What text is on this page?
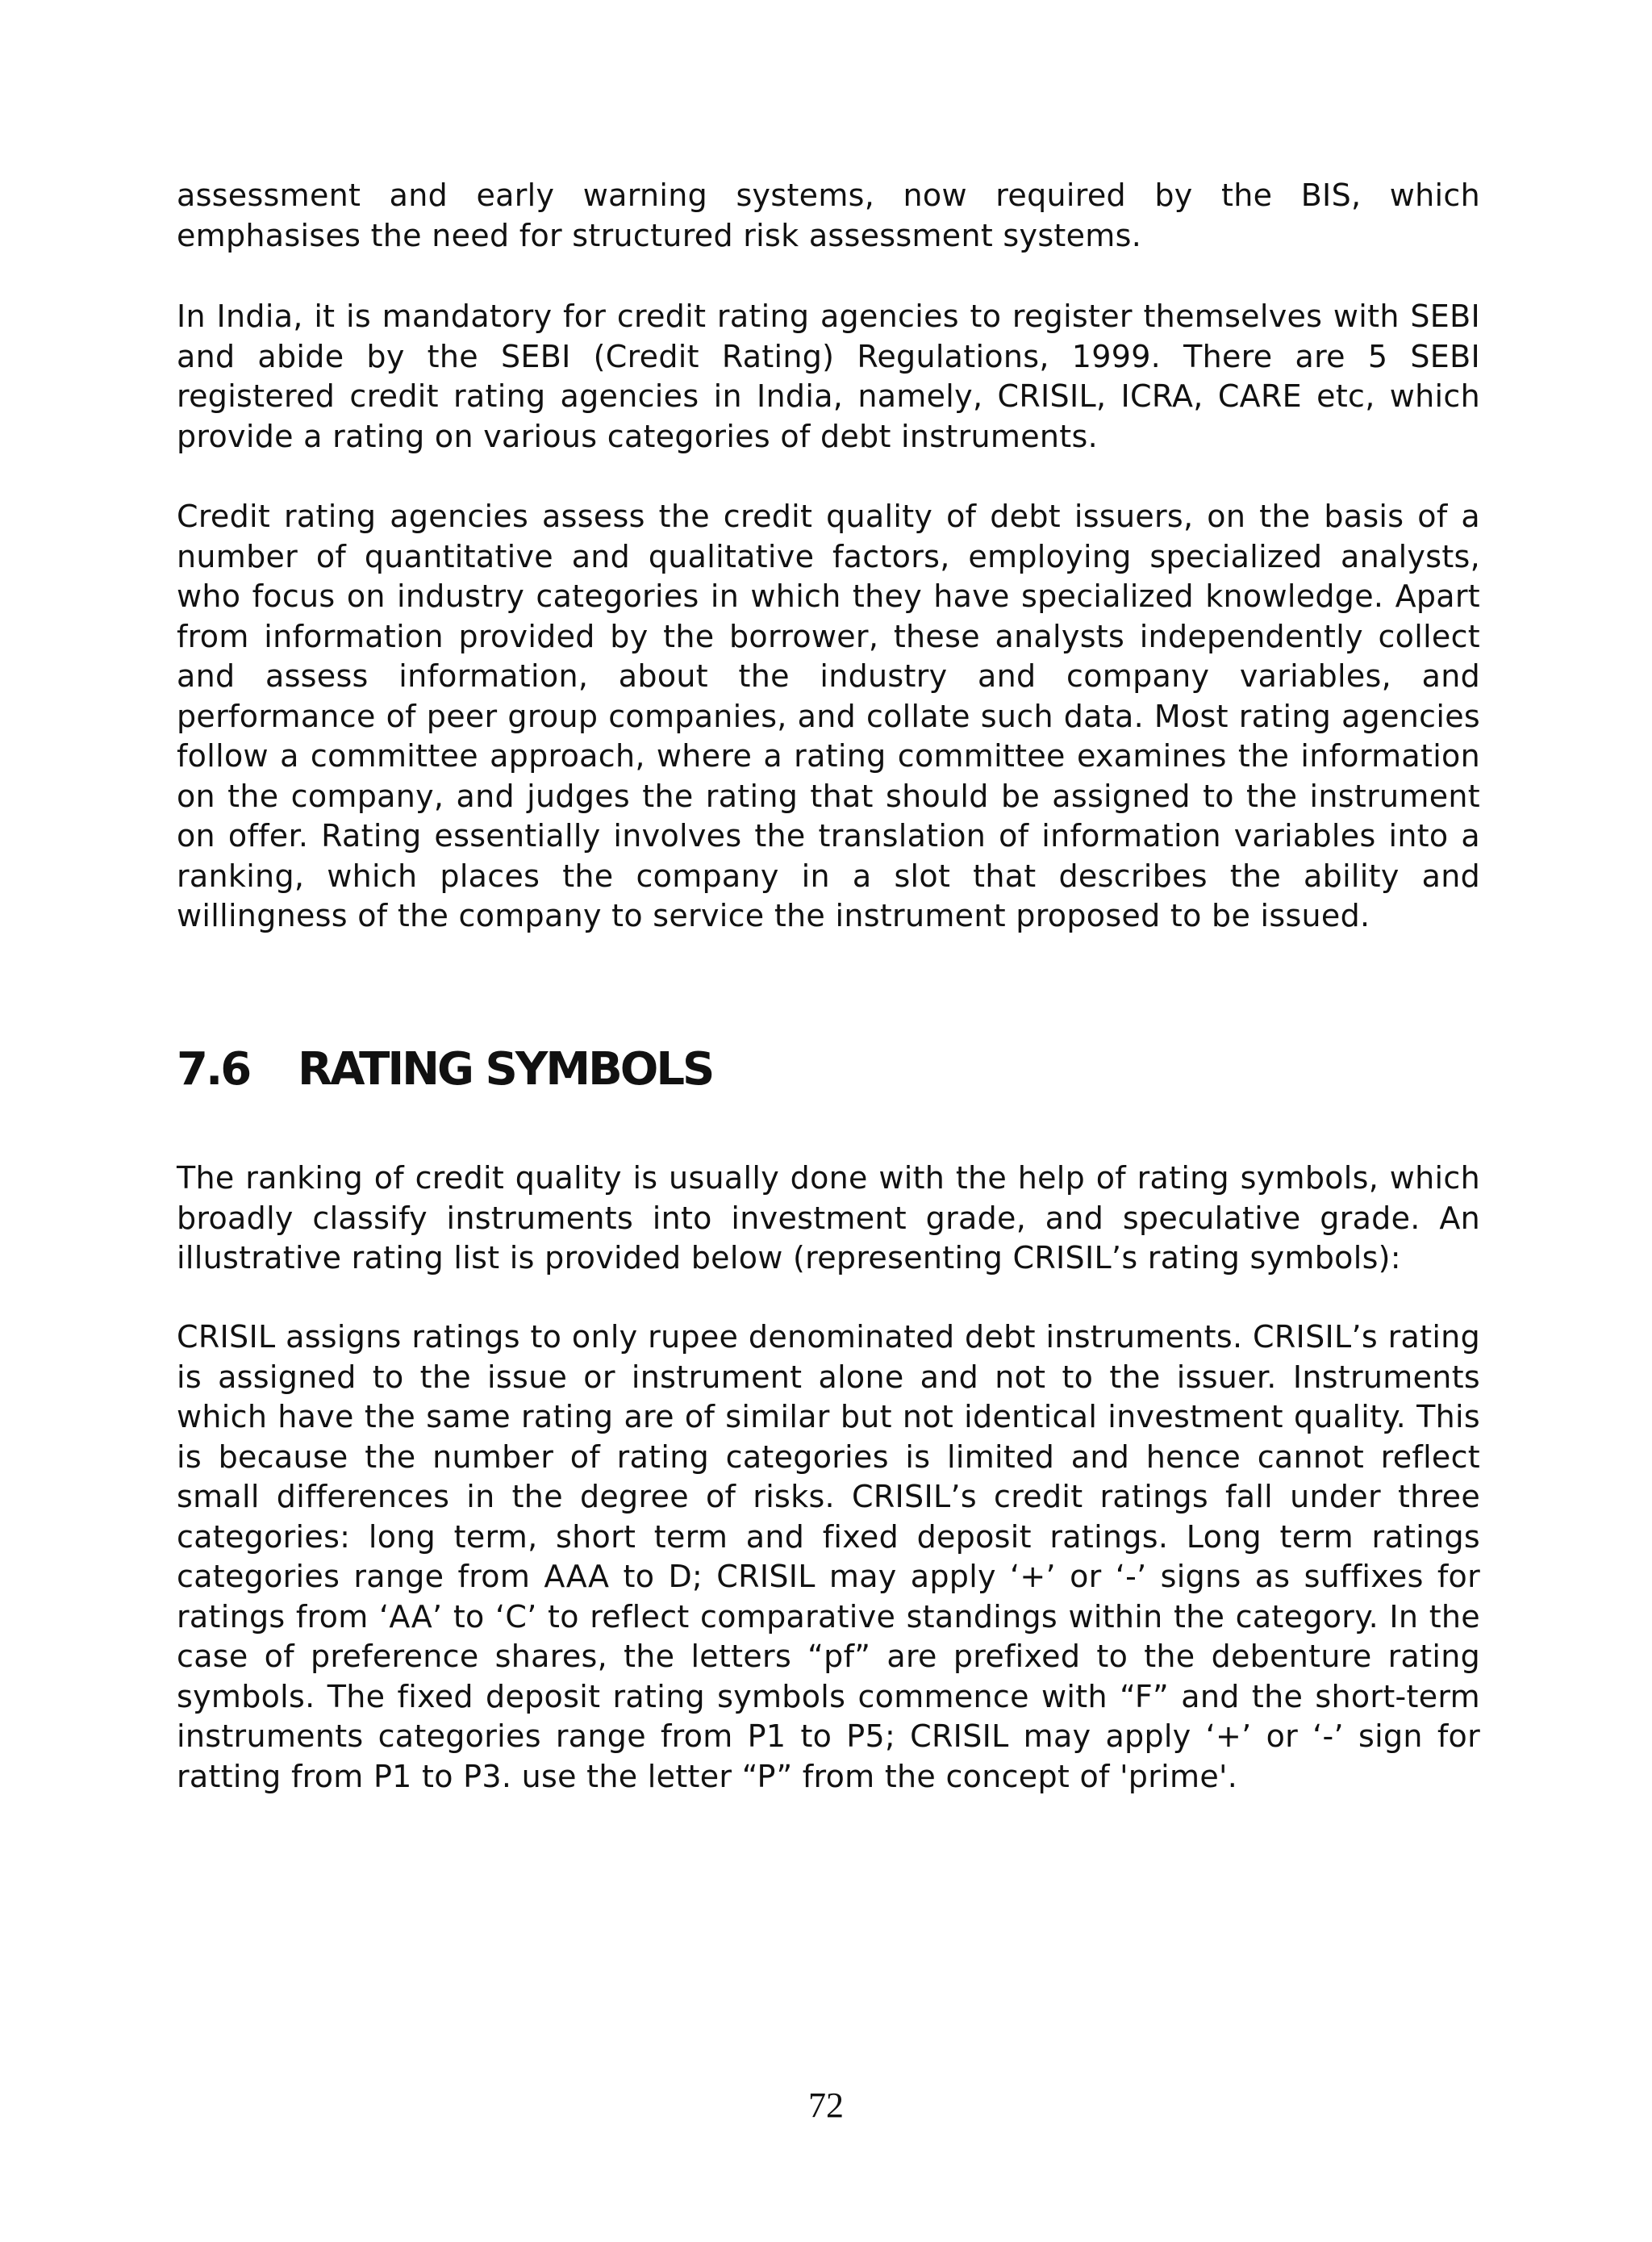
assessment and early warning systems, now required by the BIS, which emphasises the need for structured risk assessment systems.

In India, it is mandatory for credit rating agencies to register themselves with SEBI and abide by the SEBI (Credit Rating) Regulations, 1999. There are 5 SEBI registered credit rating agencies in India, namely, CRISIL, ICRA, CARE etc, which provide a rating on various categories of debt instruments.

Credit rating agencies assess the credit quality of debt issuers, on the basis of a number of quantitative and qualitative factors, employing specialized analysts, who focus on industry categories in which they have specialized knowledge. Apart from information provided by the borrower, these analysts independently collect and assess information, about the industry and company variables, and performance of peer group companies, and collate such data. Most rating agencies follow a committee approach, where a rating committee examines the information on the company, and judges the rating that should be assigned to the instrument on offer. Rating essentially involves the translation of information variables into a ranking, which places the company in a slot that describes the ability and willingness of the company to service the instrument proposed to be issued.

7.6 RATING SYMBOLS

The ranking of credit quality is usually done with the help of rating symbols, which broadly classify instruments into investment grade, and speculative grade. An illustrative rating list is provided below (representing CRISIL’s rating symbols):

CRISIL assigns ratings to only rupee denominated debt instruments. CRISIL’s rating is assigned to the issue or instrument alone and not to the issuer. Instruments which have the same rating are of similar but not identical investment quality. This is because the number of rating categories is limited and hence cannot reflect small differences in the degree of risks. CRISIL’s credit ratings fall under three categories: long term, short term and fixed deposit ratings. Long term ratings categories range from AAA to D; CRISIL may apply ‘+’ or ‘-’ signs as suffixes for ratings from ‘AA’ to ‘C’ to reflect comparative standings within the category. In the case of preference shares, the letters “pf” are prefixed to the debenture rating symbols. The fixed deposit rating symbols commence with “F” and the short-term instruments categories range from P1 to P5; CRISIL may apply ‘+’ or ‘-’ sign for ratting from P1 to P3. use the letter “P” from the concept of 'prime'.

72
